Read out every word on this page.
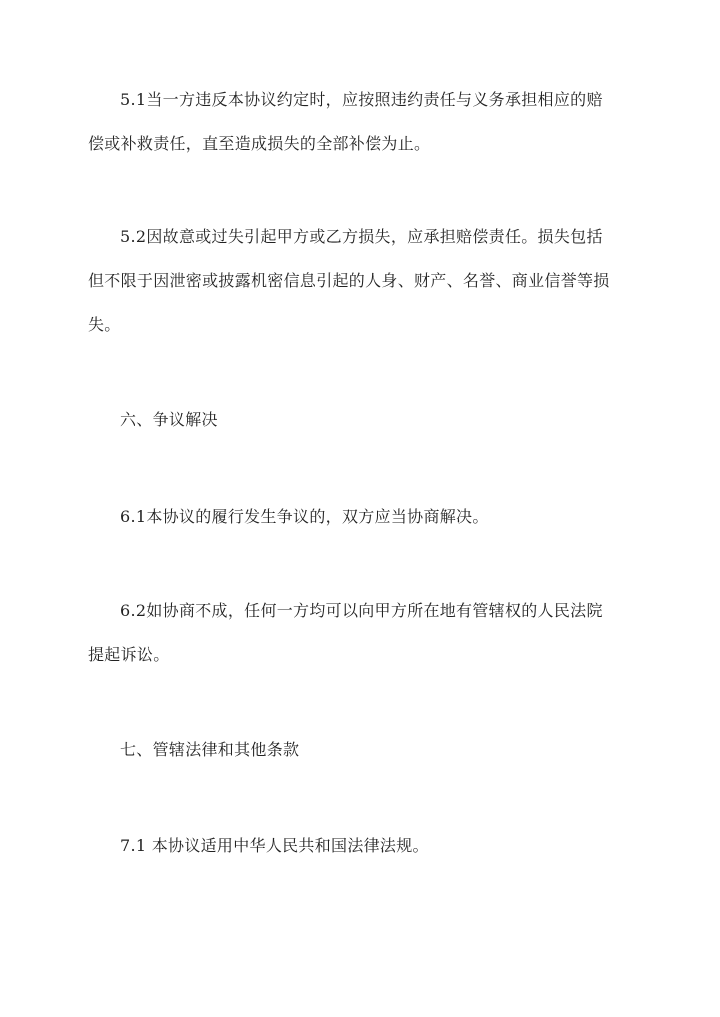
5.1当一方违反本协议约定时，应按照违约责任与义务承担相应的赔
偿或补救责任，直至造成损失的全部补偿为止。
5.2因故意或过失引起甲方或乙方损失，应承担赔偿责任。损失包括
但不限于因泄密或披露机密信息引起的人身、财产、名誉、商业信誉等损
失。
六、争议解决
6.1本协议的履行发生争议的，双方应当协商解决。
6.2如协商不成，任何一方均可以向甲方所在地有管辖权的人民法院
提起诉讼。
七、管辖法律和其他条款
7.1 本协议适用中华人民共和国法律法规。
